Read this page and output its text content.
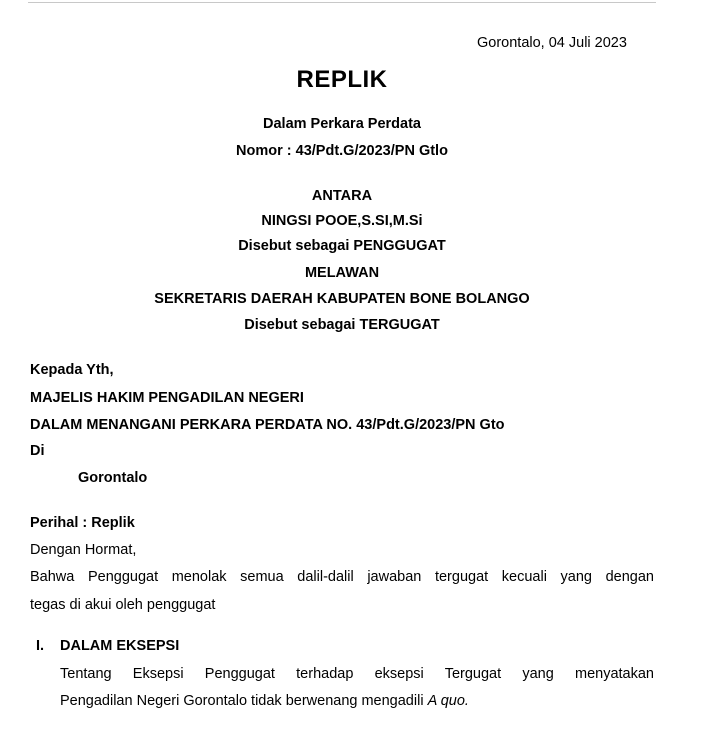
Gorontalo, 04 Juli 2023
REPLIK
Dalam Perkara Perdata
Nomor : 43/Pdt.G/2023/PN Gtlo
ANTARA
NINGSI POOE,S.SI,M.Si
Disebut sebagai PENGGUGAT
MELAWAN
SEKRETARIS DAERAH KABUPATEN BONE BOLANGO
Disebut sebagai TERGUGAT
Kepada Yth,
MAJELIS HAKIM PENGADILAN NEGERI
DALAM MENANGANI PERKARA PERDATA NO. 43/Pdt.G/2023/PN Gto
Di
Gorontalo
Perihal : Replik
Dengan Hormat,
Bahwa Penggugat menolak semua dalil-dalil jawaban tergugat kecuali yang dengan
tegas di akui oleh penggugat
I. DALAM EKSEPSI
Tentang Eksepsi Penggugat terhadap eksepsi Tergugat yang menyatakan
Pengadilan Negeri Gorontalo tidak berwenang mengadili A quo.
